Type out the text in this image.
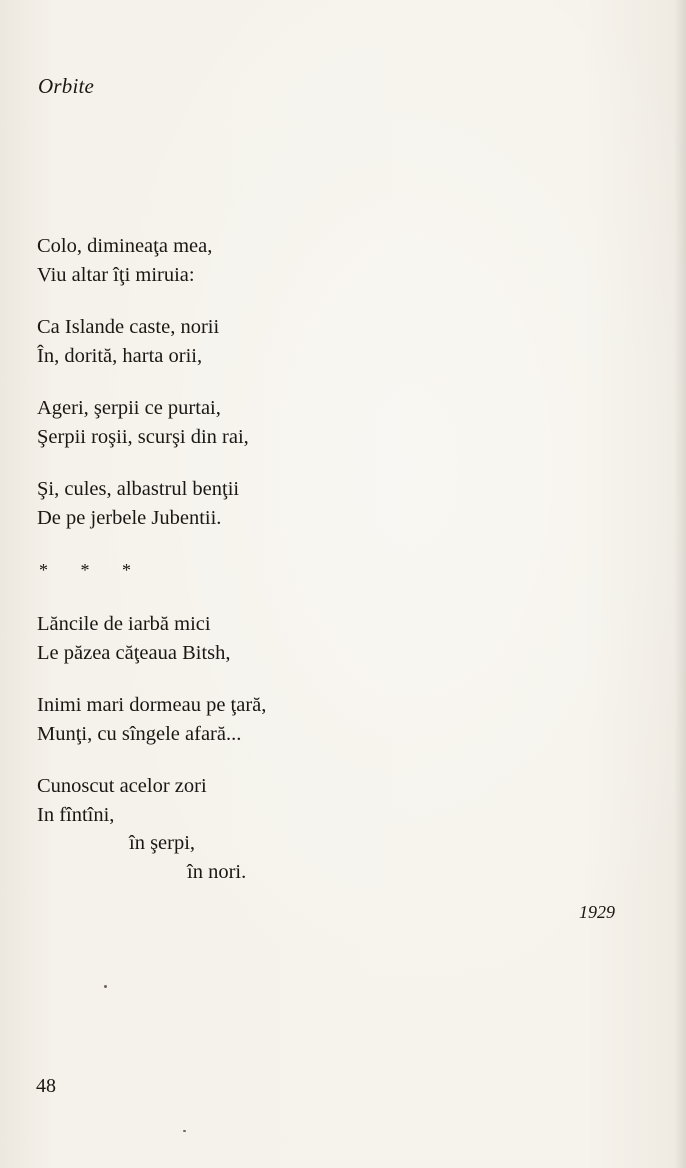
Orbite
Colo, dimineaţa mea,
Viu altar îţi miruia:
Ca Islande caste, norii
În, dorită, harta orii,
Ageri, şerpii ce purtai,
Şerpii roşii, scurşi din rai,
Şi, cules, albastrul benţii
De pe jerbele Jubentii.
* * *
Lăncile de iarbă mici
Le păzea căţeaua Bitsh,
Inimi mari dormeau pe ţară,
Munţi, cu sîngele afară...
Cunoscut acelor zori
In fîntîni,
în şerpi,
în nori.
1929
48
